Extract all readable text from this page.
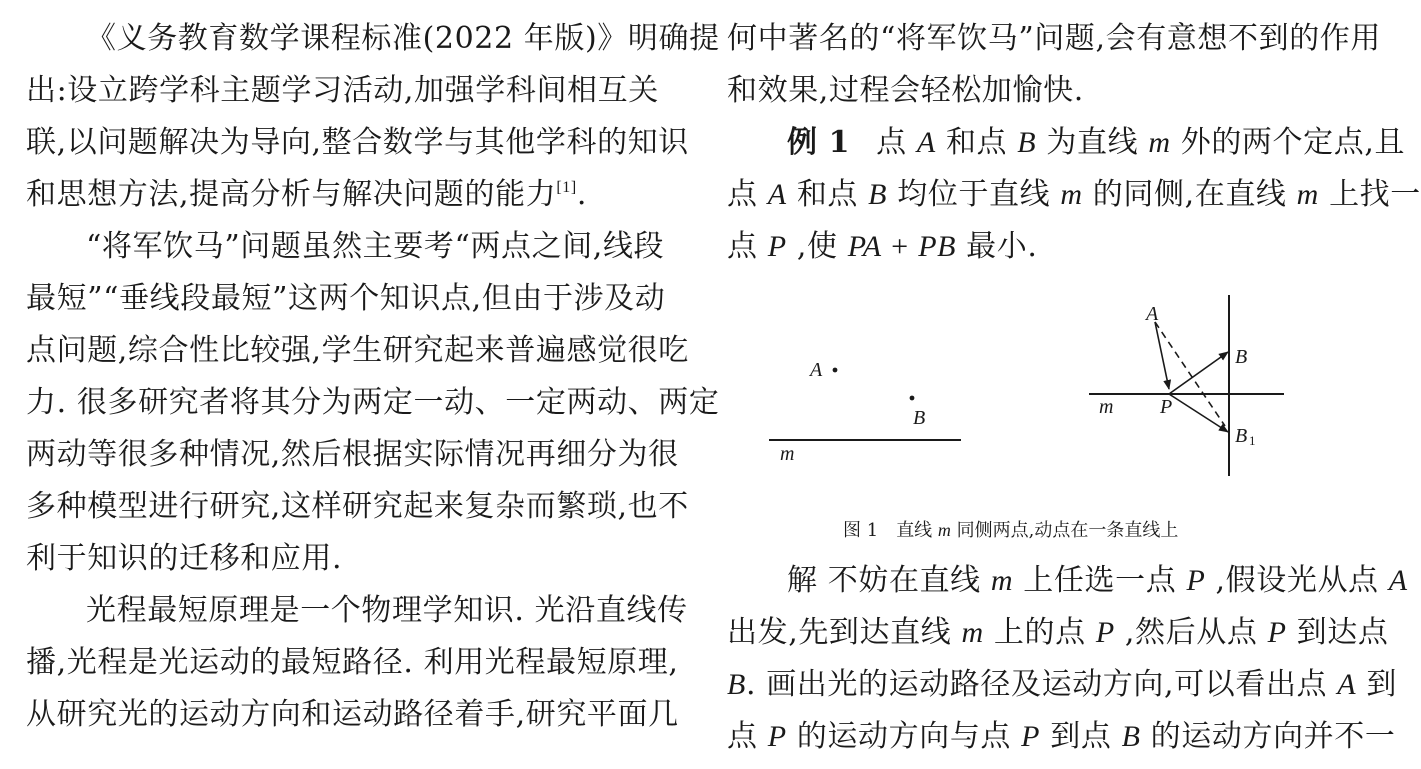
《义务教育数学课程标准(2022 年版)》明确提
出:设立跨学科主题学习活动,加强学科间相互关
联,以问题解决为导向,整合数学与其他学科的知识
和思想方法,提高分析与解决问题的能力[1].
“将军饮马”问题虽然主要考“两点之间,线段
最短”“垂线段最短”这两个知识点,但由于涉及动
点问题,综合性比较强,学生研究起来普遍感觉很吃
力. 很多研究者将其分为两定一动、一定两动、两定
两动等很多种情况,然后根据实际情况再细分为很
多种模型进行研究,这样研究起来复杂而繁琐,也不
利于知识的迁移和应用.
光程最短原理是一个物理学知识. 光沿直线传
播,光程是光运动的最短路径. 利用光程最短原理,
从研究光的运动方向和运动路径着手,研究平面几
何中著名的“将军饮马”问题,会有意想不到的作用
和效果,过程会轻松加愉快.
例 1 点 A 和点 B 为直线 m 外的两个定点,且
点 A 和点 B 均位于直线 m 的同侧,在直线 m 上找一
点 P ,使 PA + PB 最小.
解 不妨在直线 m 上任选一点 P ,假设光从点 A
出发,先到达直线 m 上的点 P ,然后从点 P 到达点
B. 画出光的运动路径及运动方向,可以看出点 A 到
点 P 的运动方向与点 P 到点 B 的运动方向并不一
A
B
m
A
B
P
m
B 1
图 1 直线 m 同侧两点,动点在一条直线上
